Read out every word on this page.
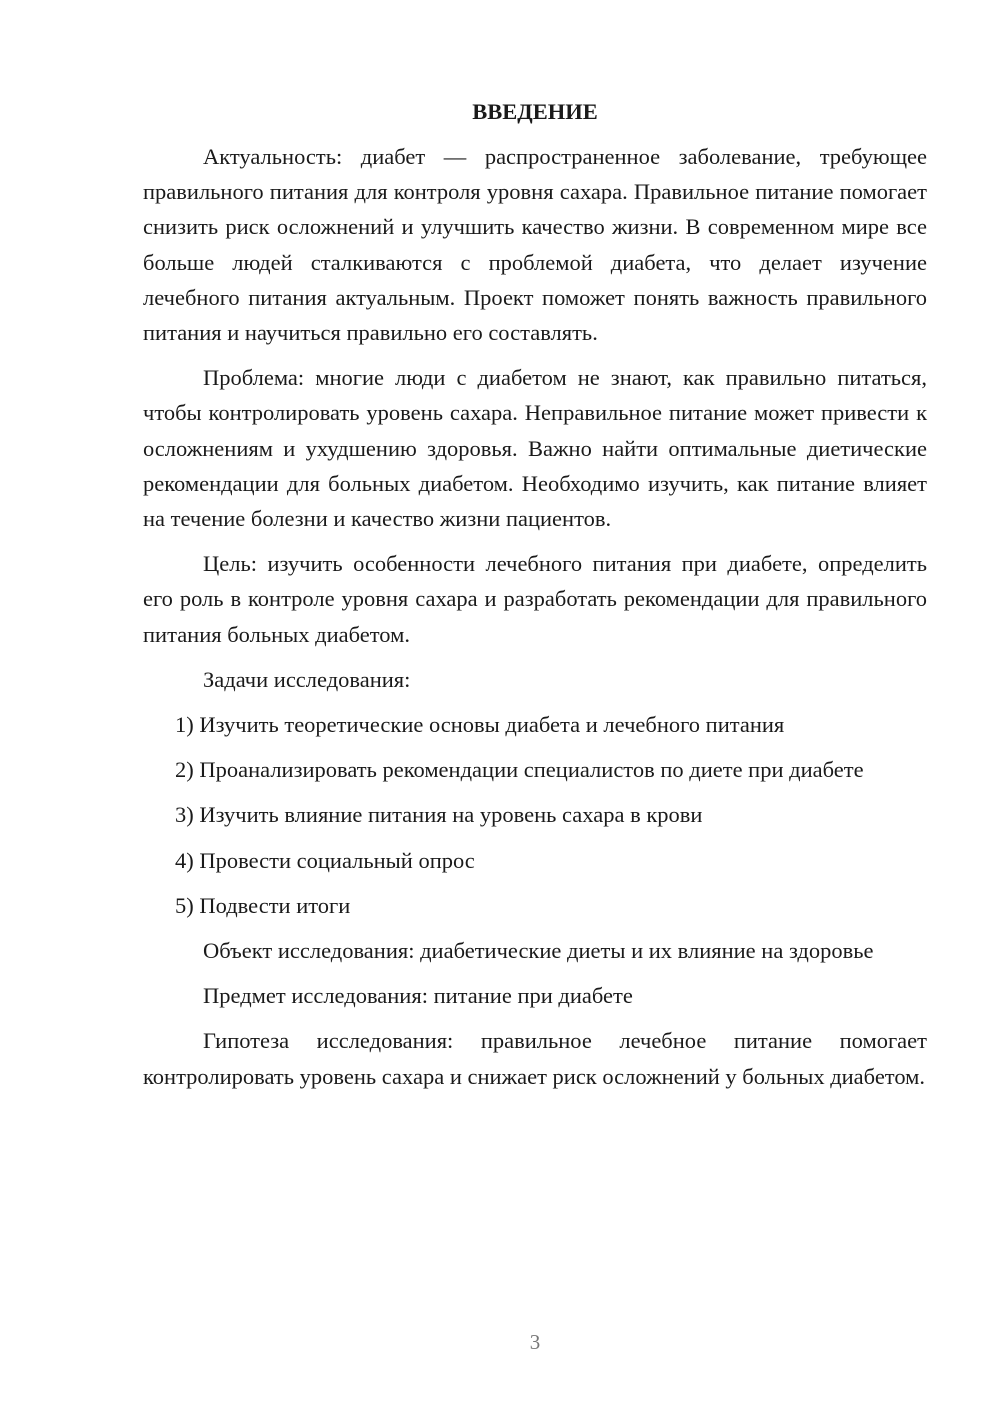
ВВЕДЕНИЕ

Актуальность: диабет — распространенное заболевание, требующее правильного питания для контроля уровня сахара. Правильное питание помогает снизить риск осложнений и улучшить качество жизни. В современном мире все больше людей сталкиваются с проблемой диабета, что делает изучение лечебного питания актуальным. Проект поможет понять важность правильного питания и научиться правильно его составлять.

Проблема: многие люди с диабетом не знают, как правильно питаться, чтобы контролировать уровень сахара. Неправильное питание может привести к осложнениям и ухудшению здоровья. Важно найти оптимальные диетические рекомендации для больных диабетом. Необходимо изучить, как питание влияет на течение болезни и качество жизни пациентов.

Цель: изучить особенности лечебного питания при диабете, определить его роль в контроле уровня сахара и разработать рекомендации для правильного питания больных диабетом.

Задачи исследования:

1) Изучить теоретические основы диабета и лечебного питания

2) Проанализировать рекомендации специалистов по диете при диабете

3) Изучить влияние питания на уровень сахара в крови

4) Провести социальный опрос

5) Подвести итоги

Объект исследования: диабетические диеты и их влияние на здоровье

Предмет исследования: питание при диабете

Гипотеза исследования: правильное лечебное питание помогает контролировать уровень сахара и снижает риск осложнений у больных диабетом.

3
